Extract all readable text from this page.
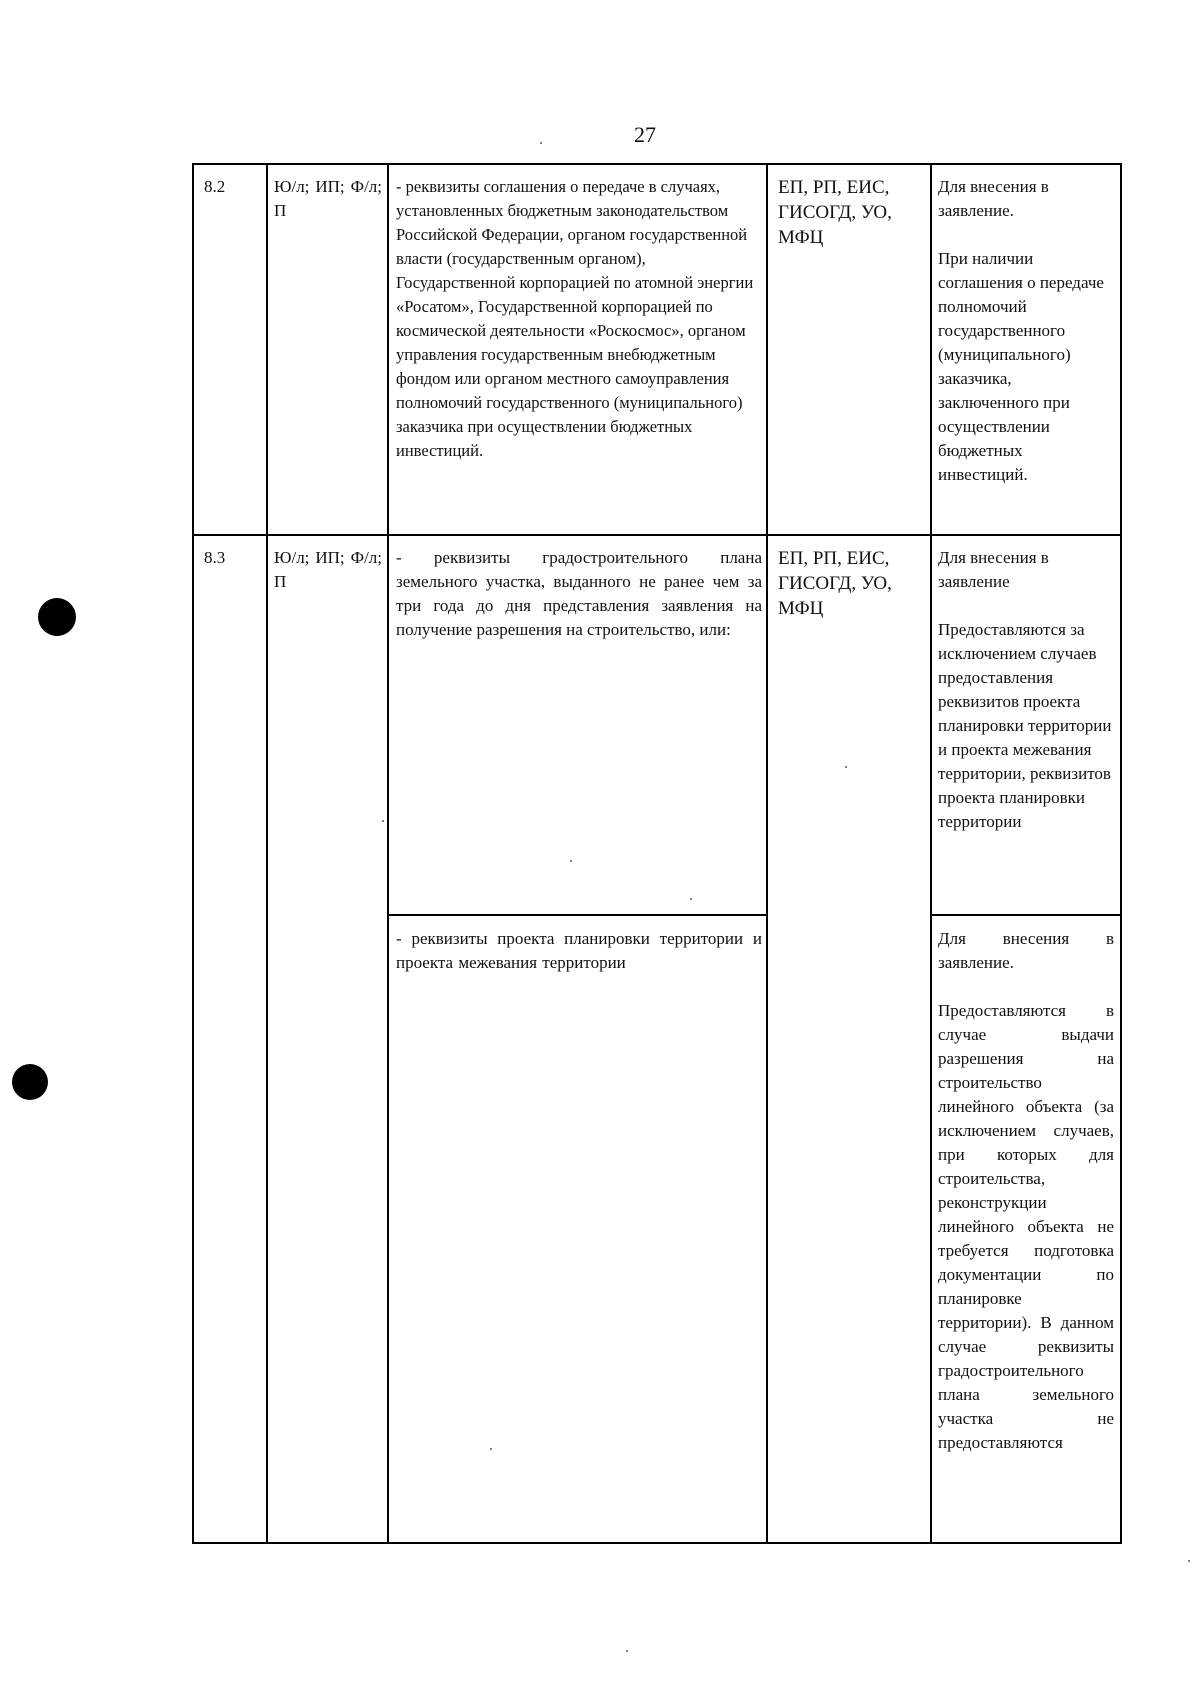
27
8.2	Ю/л; ИП; Ф/л; П
- реквизиты соглашения о передаче в случаях, установленных бюджетным законодательством Российской Федерации, органом государственной власти (государственным органом), Государственной корпорацией по атомной энергии «Росатом», Государственной корпорацией по космической деятельности «Роскосмос», органом управления государственным внебюджетным фондом или органом местного самоуправления полномочий государственного (муниципального) заказчика при осуществлении бюджетных инвестиций.
ЕП, РП, ЕИС, ГИСОГД, УО, МФЦ

Для внесения в заявление.

При наличии соглашения о передаче полномочий государственного (муниципального) заказчика, заключенного при осуществлении бюджетных инвестиций.

8.3	Ю/л; ИП; Ф/л; П
ЕП, РП, ЕИС, ГИСОГД, УО, МФЦ
- реквизиты градостроительного плана земельного участка, выданного не ранее чем за три года до дня представления заявления на получение разрешения на строительство, или:

Для внесения в заявление

Предоставляются за исключением случаев предоставления реквизитов проекта планировки территории и проекта межевания территории, реквизитов проекта планировки территории

- реквизиты проекта планировки территории и проекта межевания территории

Для внесения в заявление.

Предоставляются в случае выдачи разрешения на строительство линейного объекта (за исключением случаев, при которых для строительства, реконструкции линейного объекта не требуется подготовка документации по планировке территории). В данном случае реквизиты градостроительного плана земельного участка не предоставляются
